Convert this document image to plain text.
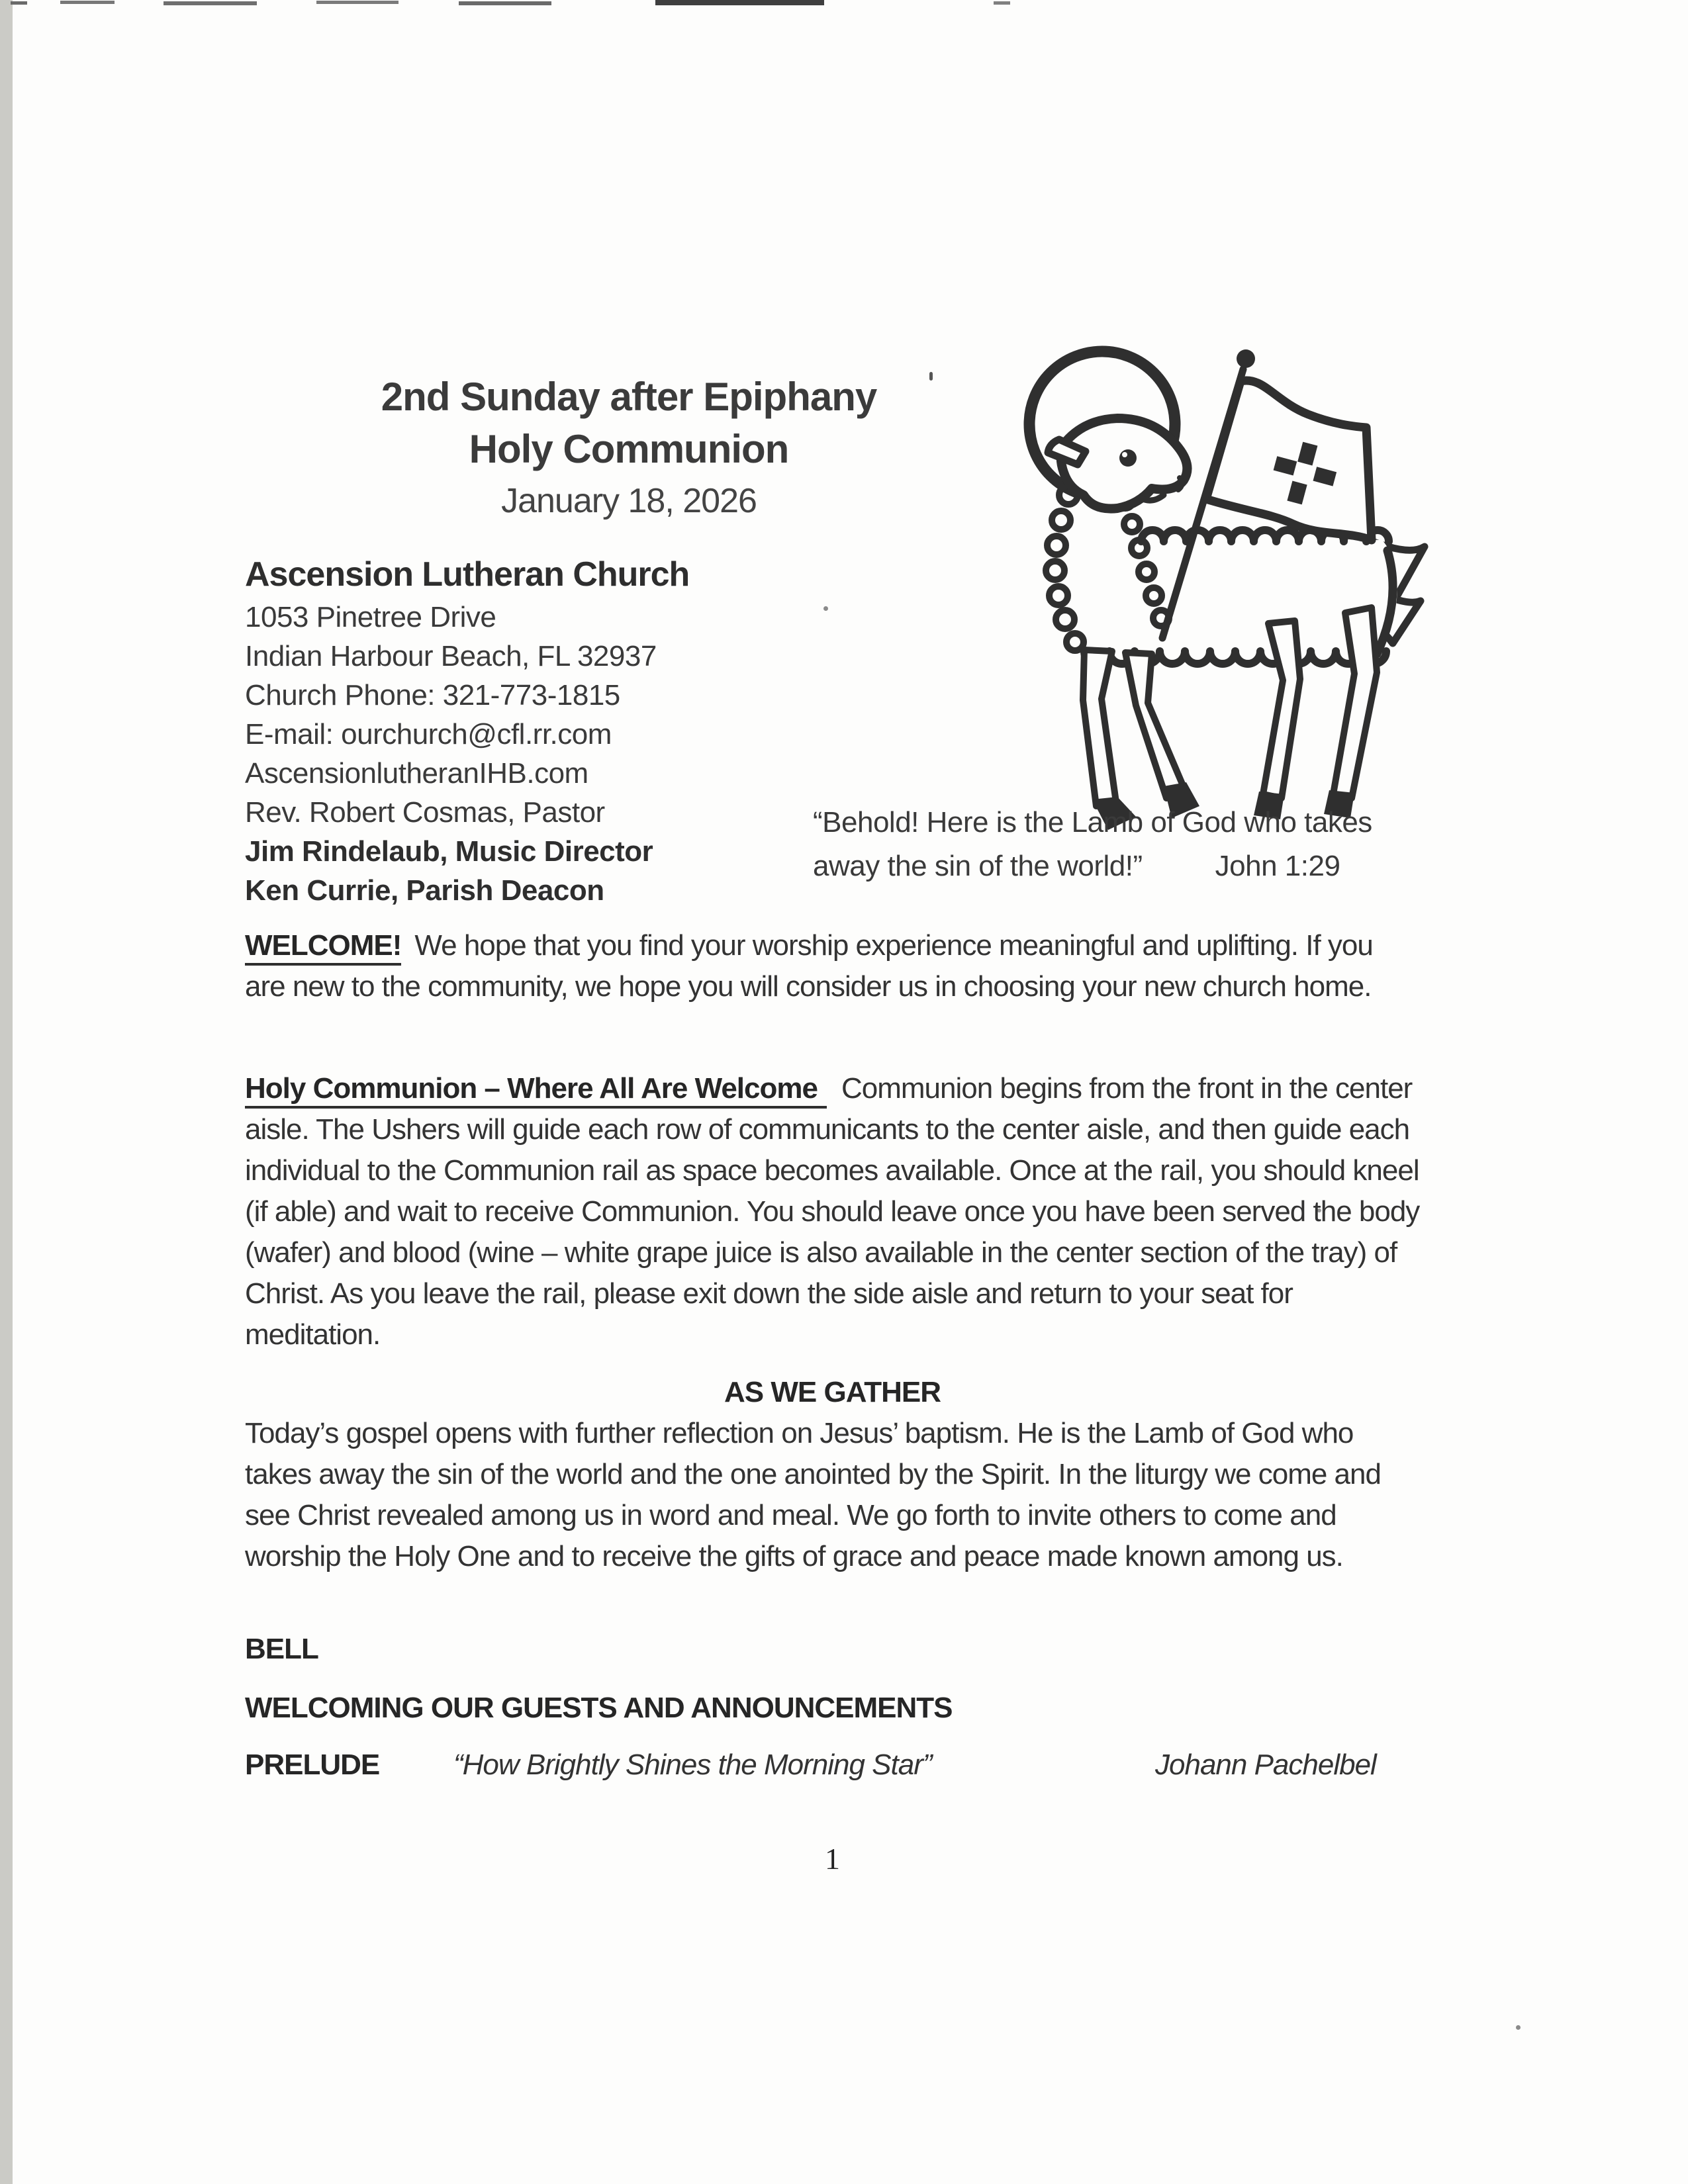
2nd Sunday after Epiphany
Holy Communion
January 18, 2026
Ascension Lutheran Church
1053 Pinetree Drive
Indian Harbour Beach, FL 32937
Church Phone: 321-773-1815
E-mail: ourchurch@cfl.rr.com
AscensionlutheranIHB.com
Rev. Robert Cosmas, Pastor
Jim Rindelaub, Music Director
Ken Currie, Parish Deacon
“Behold! Here is the Lamb of God who takes away the sin of the world!”	John 1:29
WELCOME! We hope that you find your worship experience meaningful and uplifting. If you are new to the community, we hope you will consider us in choosing your new church home.
Holy Communion – Where All Are Welcome Communion begins from the front in the center aisle. The Ushers will guide each row of communicants to the center aisle, and then guide each individual to the Communion rail as space becomes available. Once at the rail, you should kneel (if able) and wait to receive Communion. You should leave once you have been served the body (wafer) and blood (wine – white grape juice is also available in the center section of the tray) of Christ. As you leave the rail, please exit down the side aisle and return to your seat for meditation.
AS WE GATHER
Today’s gospel opens with further reflection on Jesus’ baptism. He is the Lamb of God who takes away the sin of the world and the one anointed by the Spirit. In the liturgy we come and see Christ revealed among us in word and meal. We go forth to invite others to come and worship the Holy One and to receive the gifts of grace and peace made known among us.
BELL
WELCOMING OUR GUESTS AND ANNOUNCEMENTS
PRELUDE	“How Brightly Shines the Morning Star”	Johann Pachelbel
1
